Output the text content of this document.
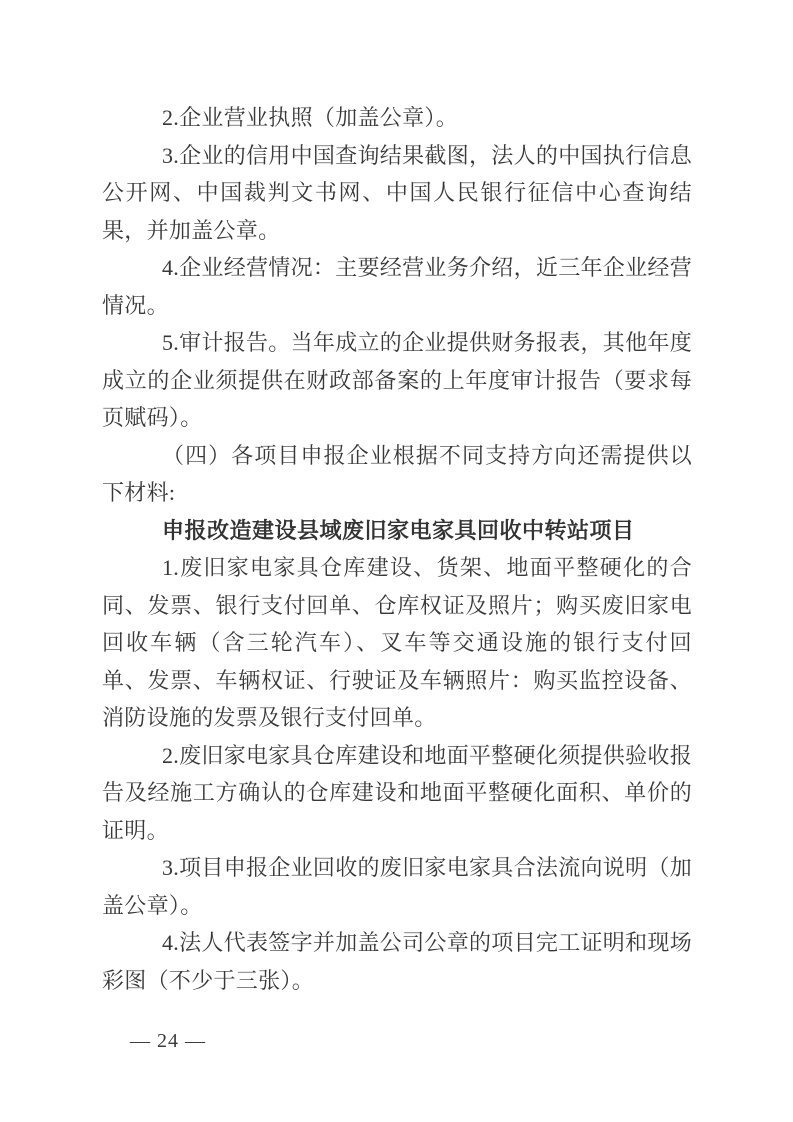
2.企业营业执照（加盖公章）。

3.企业的信用中国查询结果截图，法人的中国执行信息公开网、中国裁判文书网、中国人民银行征信中心查询结果，并加盖公章。

4.企业经营情况：主要经营业务介绍，近三年企业经营情况。

5.审计报告。当年成立的企业提供财务报表，其他年度成立的企业须提供在财政部备案的上年度审计报告（要求每页赋码）。

（四）各项目申报企业根据不同支持方向还需提供以下材料:

申报改造建设县域废旧家电家具回收中转站项目

1.废旧家电家具仓库建设、货架、地面平整硬化的合同、发票、银行支付回单、仓库权证及照片；购买废旧家电回收车辆（含三轮汽车）、叉车等交通设施的银行支付回单、发票、车辆权证、行驶证及车辆照片：购买监控设备、消防设施的发票及银行支付回单。

2.废旧家电家具仓库建设和地面平整硬化须提供验收报告及经施工方确认的仓库建设和地面平整硬化面积、单价的证明。

3.项目申报企业回收的废旧家电家具合法流向说明（加盖公章）。

4.法人代表签字并加盖公司公章的项目完工证明和现场彩图（不少于三张）。

— 24 —
